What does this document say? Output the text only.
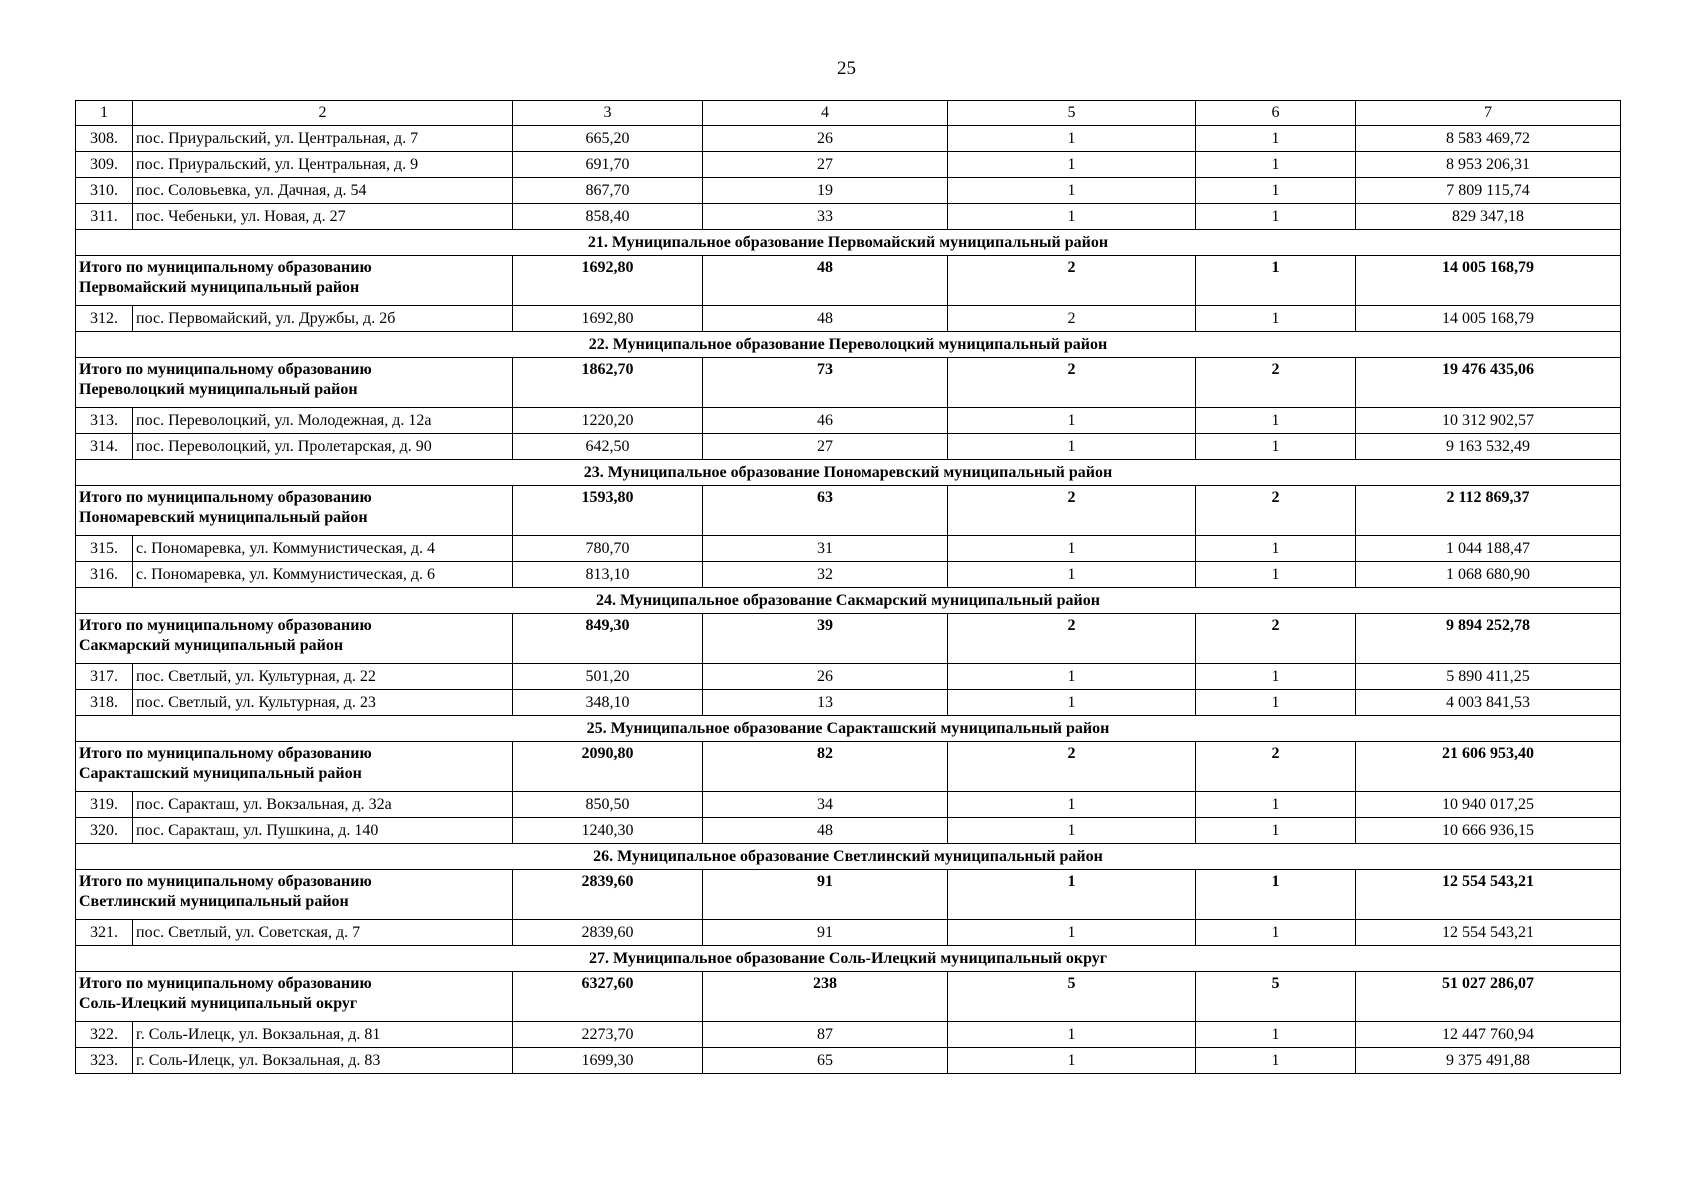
25
1	2	3	4	5	6	7
308.	пос. Приуральский, ул. Центральная, д. 7	665,20	26	1	1	8 583 469,72
309.	пос. Приуральский, ул. Центральная, д. 9	691,70	27	1	1	8 953 206,31
310.	пос. Соловьевка, ул. Дачная, д. 54	867,70	19	1	1	7 809 115,74
311.	пос. Чебеньки, ул. Новая, д. 27	858,40	33	1	1	829 347,18
21. Муниципальное образование Первомайский муниципальный район						

Итого по муниципальному образованию
Первомайский муниципальный район		1692,80	48	2	1	14 005 168,79
312.	пос. Первомайский, ул. Дружбы, д. 2б	1692,80	48	2	1	14 005 168,79
22. Муниципальное образование Переволоцкий муниципальный район						

Итого по муниципальному образованию
Переволоцкий муниципальный район		1862,70	73	2	2	19 476 435,06
313.	пос. Переволоцкий, ул. Молодежная, д. 12а	1220,20	46	1	1	10 312 902,57
314.	пос. Переволоцкий, ул. Пролетарская, д. 90	642,50	27	1	1	9 163 532,49
23. Муниципальное образование Пономаревский муниципальный район						

Итого по муниципальному образованию
Пономаревский муниципальный район		1593,80	63	2	2	2 112 869,37
315.	с. Пономаревка, ул. Коммунистическая, д. 4	780,70	31	1	1	1 044 188,47
316.	с. Пономаревка, ул. Коммунистическая, д. 6	813,10	32	1	1	1 068 680,90
24. Муниципальное образование Сакмарский муниципальный район						

Итого по муниципальному образованию
Сакмарский муниципальный район		849,30	39	2	2	9 894 252,78
317.	пос. Светлый, ул. Культурная, д. 22	501,20	26	1	1	5 890 411,25
318.	пос. Светлый, ул. Культурная, д. 23	348,10	13	1	1	4 003 841,53
25. Муниципальное образование Саракташский муниципальный район						

Итого по муниципальному образованию
Саракташский муниципальный район		2090,80	82	2	2	21 606 953,40
319.	пос. Саракташ, ул. Вокзальная, д. 32а	850,50	34	1	1	10 940 017,25
320.	пос. Саракташ, ул. Пушкина, д. 140	1240,30	48	1	1	10 666 936,15
26. Муниципальное образование Светлинский муниципальный район						

Итого по муниципальному образованию
Светлинский муниципальный район		2839,60	91	1	1	12 554 543,21
321.	пос. Светлый, ул. Советская, д. 7	2839,60	91	1	1	12 554 543,21
27. Муниципальное образование Соль-Илецкий муниципальный округ						

Итого по муниципальному образованию
Соль-Илецкий муниципальный округ		6327,60	238	5	5	51 027 286,07
322.	г. Соль-Илецк, ул. Вокзальная, д. 81	2273,70	87	1	1	12 447 760,94
323.	г. Соль-Илецк, ул. Вокзальная, д. 83	1699,30	65	1	1	9 375 491,88
